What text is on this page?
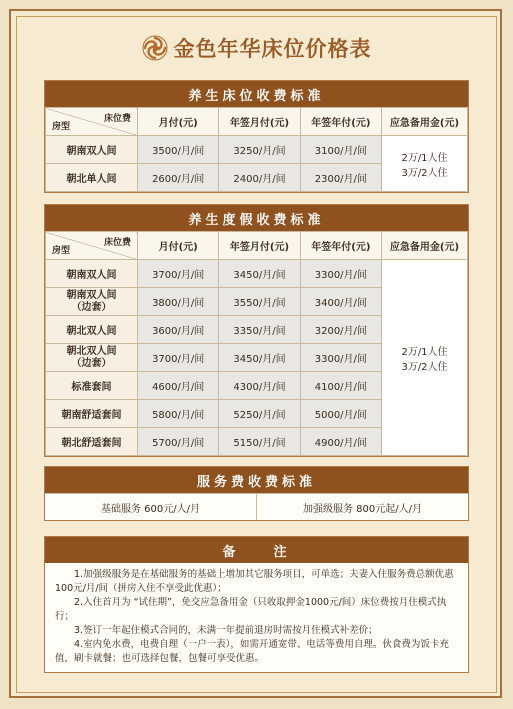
金色年华床位价格表
养生床位收费标准
床位费
房型	月付(元)	年签月付(元)	年签年付(元)	应急备用金(元)
朝南双人间	3500/月/间	3250/月/间	3100/月/间	2万/1人住
3万/2人住

朝北单人间	2600/月/间	2400/月/间	2300/月/间	
养生度假收费标准
床位费
房型	月付(元)	年签月付(元)	年签年付(元)	应急备用金(元)

朝南双人间	3700/月/间	3450/月/间	3300/月/间	2万/1人住
3万/2人住

朝南双人间
（边套）	3800/月/间	3550/月/间	3400/月/间	

朝北双人间	3600/月/间	3350/月/间	3200/月/间	

朝北双人间
（边套）	3700/月/间	3450/月/间	3300/月/间	

标准套间	4600/月/间	4300/月/间	4100/月/间	

朝南舒适套间	5800/月/间	5250/月/间	5000/月/间	

朝北舒适套间	5700/月/间	5150/月/间	4900/月/间	
服务费收费标准
基础服务 600元/人/月	加强级服务 800元起/人/月
备　　注

1.加强级服务是在基础服务的基础上增加其它服务项目，可单选；夫妻入住服务费总额优惠100元/月/间（拼房入住不享受此优惠）；

2.入住首月为 “试住期”，免交应急备用金（只收取押金1000元/间）床位费按月住模式执行；

3.签订一年起住模式合同的，未满一年提前退房时需按月住模式补差价；

4.室内免水费，电费自理（一户一表），如需开通宽带、电话等费用自理。伙食费为饭卡充值，刷卡就餐；也可选择包餐，包餐可享受优惠。
